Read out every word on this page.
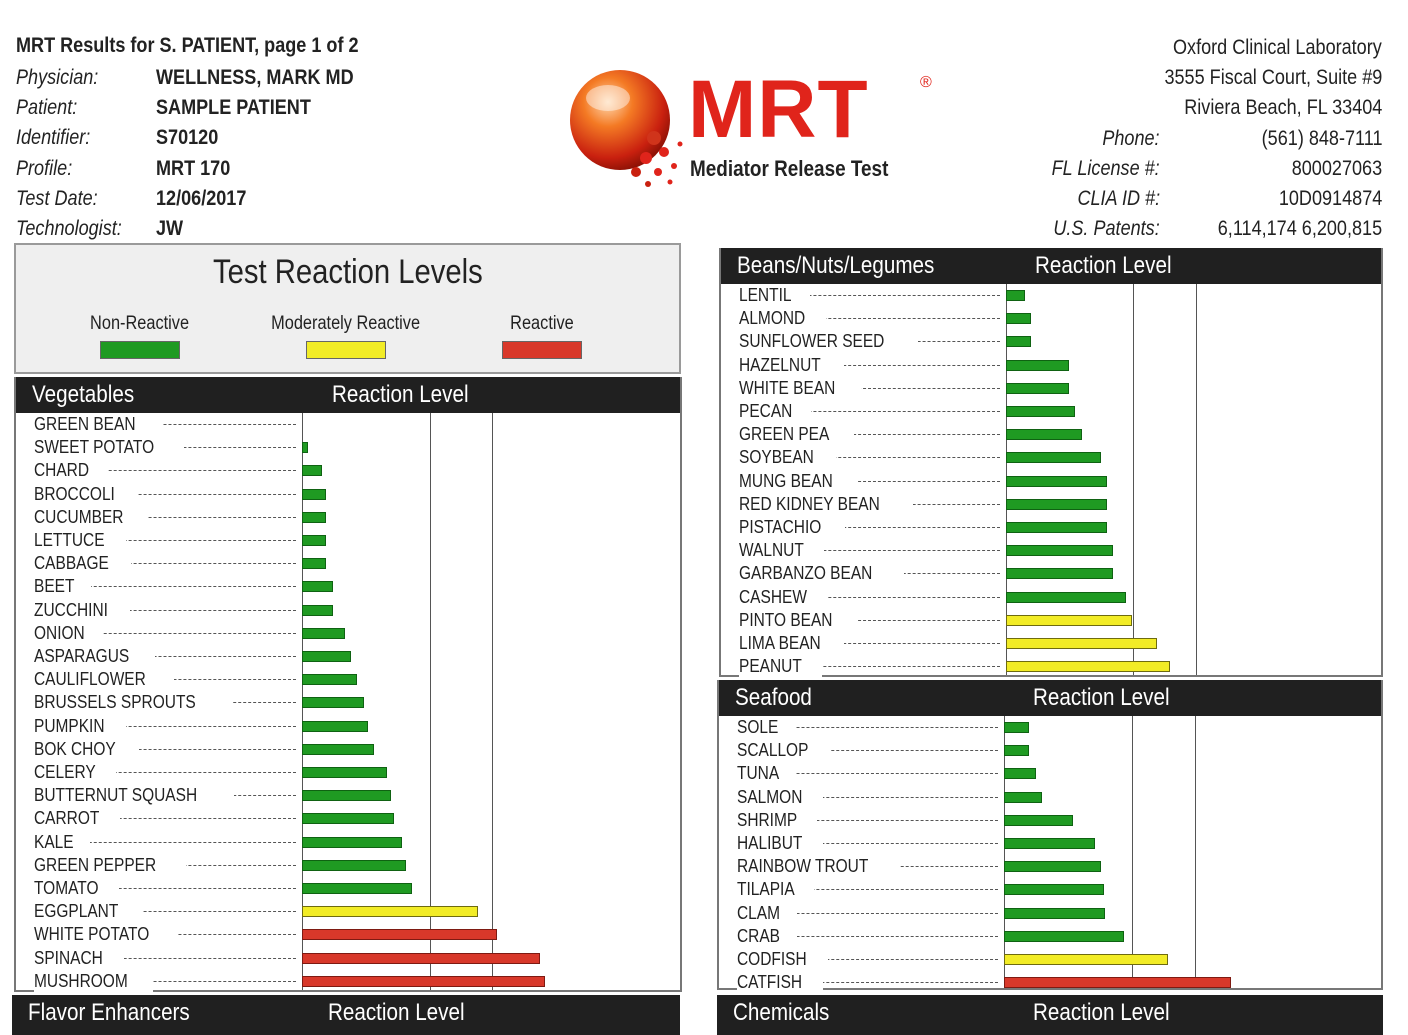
MRT Results for S. PATIENT, page 1 of 2
Physician:	WELLNESS, MARK MD
Patient:	SAMPLE PATIENT
Identifier:	S70120
Profile:	MRT 170
Test Date:	12/06/2017
Technologist:	JW
MRT	®
Mediator Release Test
Oxford Clinical Laboratory
3555 Fiscal Court, Suite #9
Riviera Beach, FL 33404
Phone:	(561) 848-7111
FL License #:	800027063
CLIA ID #:	10D0914874
U.S. Patents:	6,114,174 6,200,815
Test Reaction Levels
Non-Reactive	Moderately Reactive	Reactive
Vegetables	Reaction Level
GREEN BEAN
SWEET POTATO
CHARD
BROCCOLI
CUCUMBER
LETTUCE
CABBAGE
BEET
ZUCCHINI
ONION
ASPARAGUS
CAULIFLOWER
BRUSSELS SPROUTS
PUMPKIN
BOK CHOY
CELERY
BUTTERNUT SQUASH
CARROT
KALE
GREEN PEPPER
TOMATO
EGGPLANT
WHITE POTATO
SPINACH
MUSHROOM
Beans/Nuts/Legumes	Reaction Level
LENTIL
ALMOND
SUNFLOWER SEED
HAZELNUT
WHITE BEAN
PECAN
GREEN PEA
SOYBEAN
MUNG BEAN
RED KIDNEY BEAN
PISTACHIO
WALNUT
GARBANZO BEAN
CASHEW
PINTO BEAN
LIMA BEAN
PEANUT
Seafood	Reaction Level
SOLE
SCALLOP
TUNA
SALMON
SHRIMP
HALIBUT
RAINBOW TROUT
TILAPIA
CLAM
CRAB
CODFISH
CATFISH
Flavor Enhancers	Reaction Level	Chemicals	Reaction Level
